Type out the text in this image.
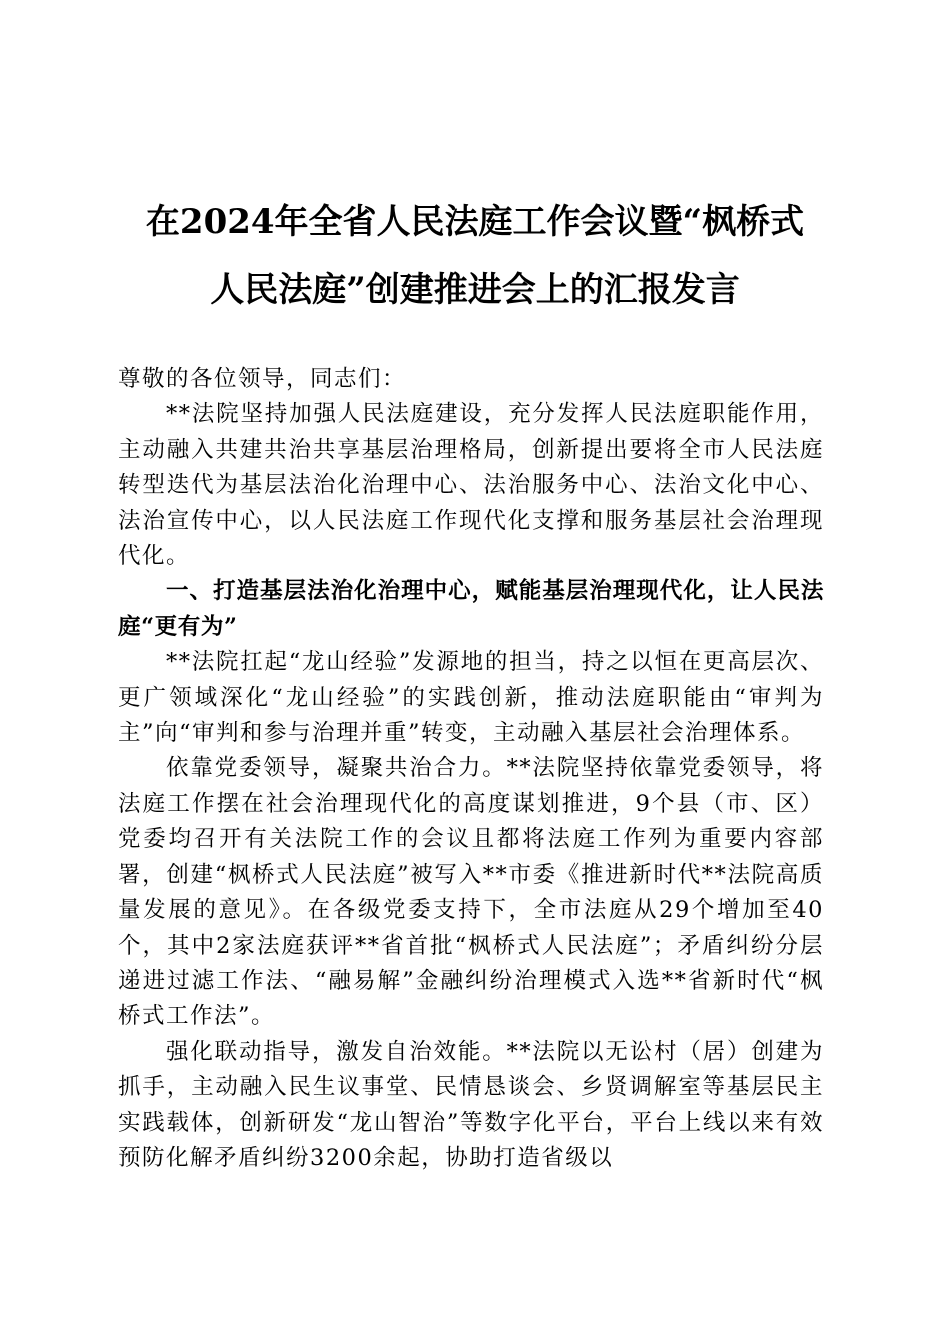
在2024年全省人民法庭工作会议暨“枫桥式
人民法庭”创建推进会上的汇报发言

尊敬的各位领导，同志们：

**法院坚持加强人民法庭建设，充分发挥人民法庭职能作用，主动融入共建共治共享基层治理格局，创新提出要将全市人民法庭转型迭代为基层法治化治理中心、法治服务中心、法治文化中心、法治宣传中心，以人民法庭工作现代化支撑和服务基层社会治理现代化。

一、打造基层法治化治理中心，赋能基层治理现代化，让人民法庭“更有为”

**法院扛起“龙山经验”发源地的担当，持之以恒在更高层次、更广领域深化“龙山经验”的实践创新，推动法庭职能由“审判为主”向“审判和参与治理并重”转变，主动融入基层社会治理体系。

依靠党委领导，凝聚共治合力。**法院坚持依靠党委领导，将法庭工作摆在社会治理现代化的高度谋划推进，9个县（市、区）党委均召开有关法院工作的会议且都将法庭工作列为重要内容部署，创建“枫桥式人民法庭”被写入**市委《推进新时代**法院高质量发展的意见》。在各级党委支持下，全市法庭从29个增加至40个，其中2家法庭获评**省首批“枫桥式人民法庭”；矛盾纠纷分层递进过滤工作法、“融易解”金融纠纷治理模式入选**省新时代“枫桥式工作法”。

强化联动指导，激发自治效能。**法院以无讼村（居）创建为抓手，主动融入民生议事堂、民情恳谈会、乡贤调解室等基层民主实践载体，创新研发“龙山智治”等数字化平台，平台上线以来有效预防化解矛盾纠纷3200余起，协助打造省级以
